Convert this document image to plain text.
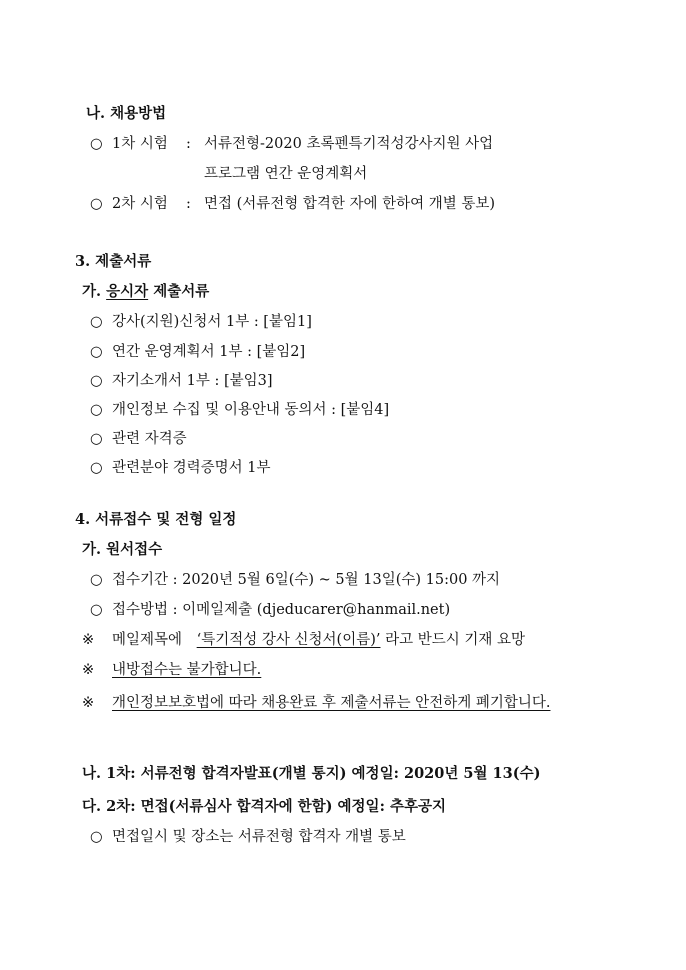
나. 채용방법
○ 1차 시험 : 서류전형-2020 초록펜특기적성강사지원 사업
프로그램 연간 운영계획서
○ 2차 시험 : 면접 (서류전형 합격한 자에 한하여 개별 통보)
3. 제출서류
가. 응시자 제출서류
○ 강사(지원)신청서 1부 : [붙임1]
○ 연간 운영계획서 1부 : [붙임2]
○ 자기소개서 1부 : [붙임3]
○ 개인정보 수집 및 이용안내 동의서 : [붙임4]
○ 관련 자격증
○ 관련분야 경력증명서 1부
4. 서류접수 및 전형 일정
가. 원서접수
○ 접수기간 : 2020년 5월 6일(수) ~ 5월 13일(수) 15:00 까지
○ 접수방법 : 이메일제출 (djeducarer@hanmail.net)
※ 메일제목에 ‘특기적성 강사 신청서(이름)’ 라고 반드시 기재 요망
※ 내방접수는 불가합니다.
※ 개인정보보호법에 따라 채용완료 후 제출서류는 안전하게 폐기합니다.
나. 1차: 서류전형 합격자발표(개별 통지) 예정일: 2020년 5월 13(수)
다. 2차: 면접(서류심사 합격자에 한함) 예정일: 추후공지
○ 면접일시 및 장소는 서류전형 합격자 개별 통보
